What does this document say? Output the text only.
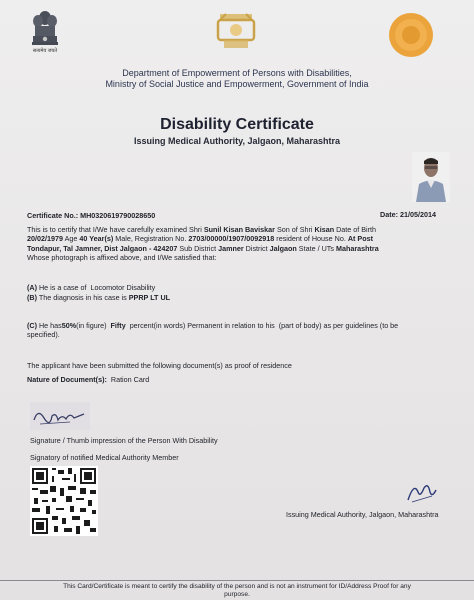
सत्यमेव जयते
Department of Empowerment of Persons with Disabilities,
Ministry of Social Justice and Empowerment, Government of India
Disability Certificate
Issuing Medical Authority, Jalgaon, Maharashtra
Certificate No.: MH0320619790028650	Date: 21/05/2014
This is to certify that I/We have carefully examined Shri Sunil Kisan Baviskar Son of Shri Kisan Date of Birth
20/02/1979 Age 40 Year(s) Male, Registration No. 2703/00000/1907/0092918 resident of House No. At Post
Tondapur, Tal Jamner, Dist Jalgaon - 424207 Sub District Jamner District Jalgaon State / UTs Maharashtra
Whose photograph is affixed above, and I/We satisfied that:
(A) He is a case of Locomotor Disability
(B) The diagnosis in his case is PPRP LT UL
(C) He has50%(in figure) Fifty percent(in words) Permanent in relation to his (part of body) as per guidelines (to be
specified).
The applicant have been submitted the following document(s) as proof of residence
Nature of Document(s): Ration Card
Signature / Thumb impression of the Person With Disability
Signatory of notified Medical Authority Member
Issuing Medical Authority, Jalgaon, Maharashtra
This Card/Certificate is meant to certify the disability of the person and is not an instrument for ID/Address Proof for any
purpose.
